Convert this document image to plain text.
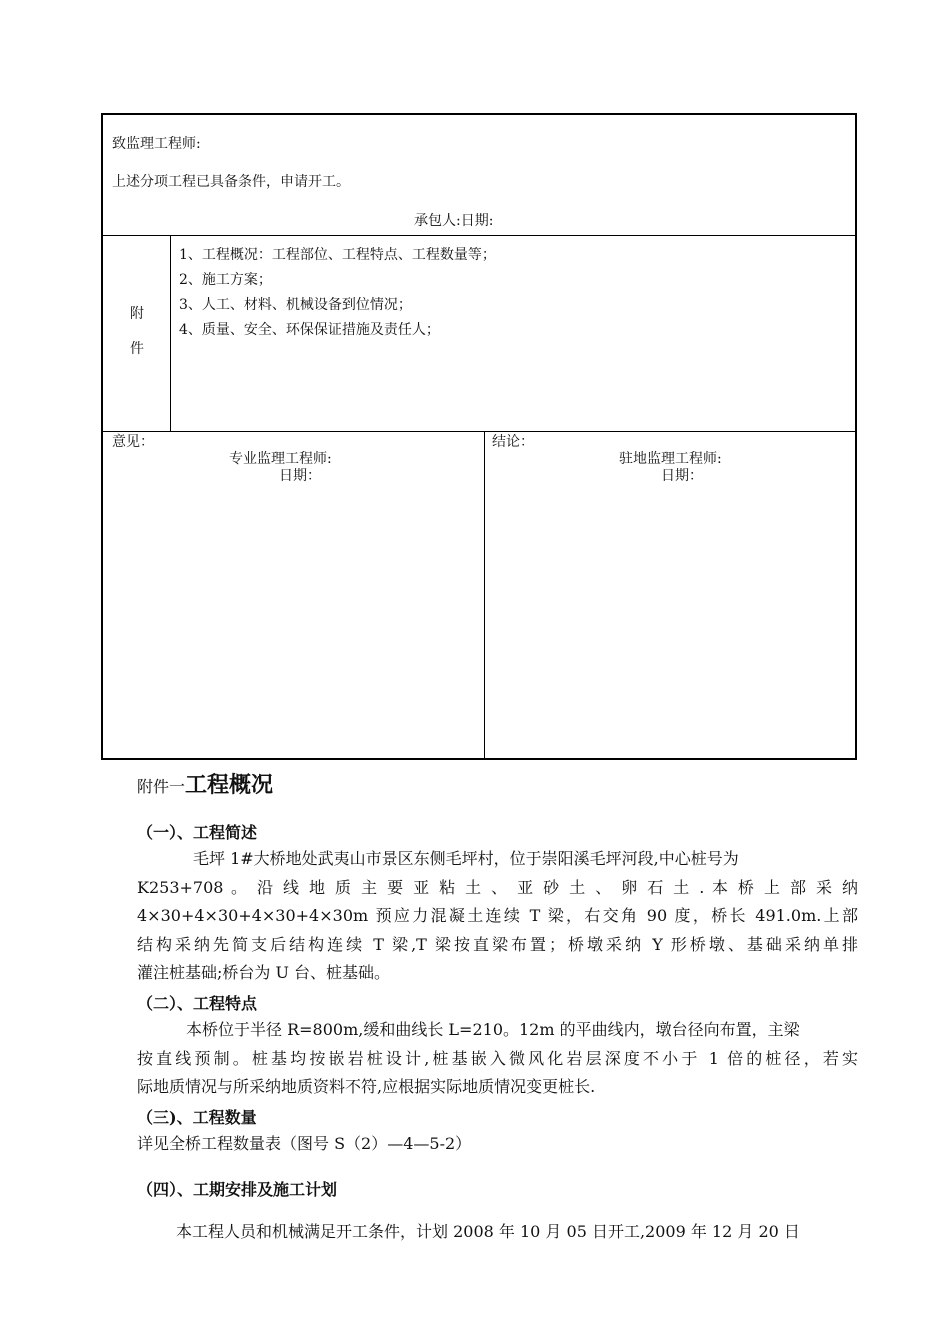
致监理工程师:
上述分项工程已具备条件，申请开工。
承包人:日期:
附
件
1、工程概况：工程部位、工程特点、工程数量等；
2、施工方案；
3、人工、材料、机械设备到位情况；
4、质量、安全、环保保证措施及责任人；
意见：
专业监理工程师:
日期：
结论：
驻地监理工程师:
日期：
附件一工程概况
（一）、工程简述
毛坪 1#大桥地处武夷山市景区东侧毛坪村，位于崇阳溪毛坪河段,中心桩号为
K253+708 。 沿 线 地 质 主 要 亚 粘 土 、 亚 砂 土 、 卵 石 土 . 本 桥 上 部 采 纳
4×30+4×30+4×30+4×30m 预应力混凝土连续 T 梁，右交角 90 度，桥长 491.0m.上部
结构采纳先简支后结构连续 T 梁,T 梁按直梁布置；桥墩采纳 Y 形桥墩、基础采纳单排
灌注桩基础;桥台为 U 台、桩基础。
（二）、工程特点
本桥位于半径 R=800m,缓和曲线长 L=210。12m 的平曲线内，墩台径向布置，主梁
按直线预制。桩基均按嵌岩桩设计,桩基嵌入微风化岩层深度不小于 1 倍的桩径，若实
际地质情况与所采纳地质资料不符,应根据实际地质情况变更桩长.
（三)、工程数量
详见全桥工程数量表（图号 S（2）—4—5-2）
（四）、工期安排及施工计划
本工程人员和机械满足开工条件，计划 2008 年 10 月 05 日开工,2009 年 12 月 20 日
